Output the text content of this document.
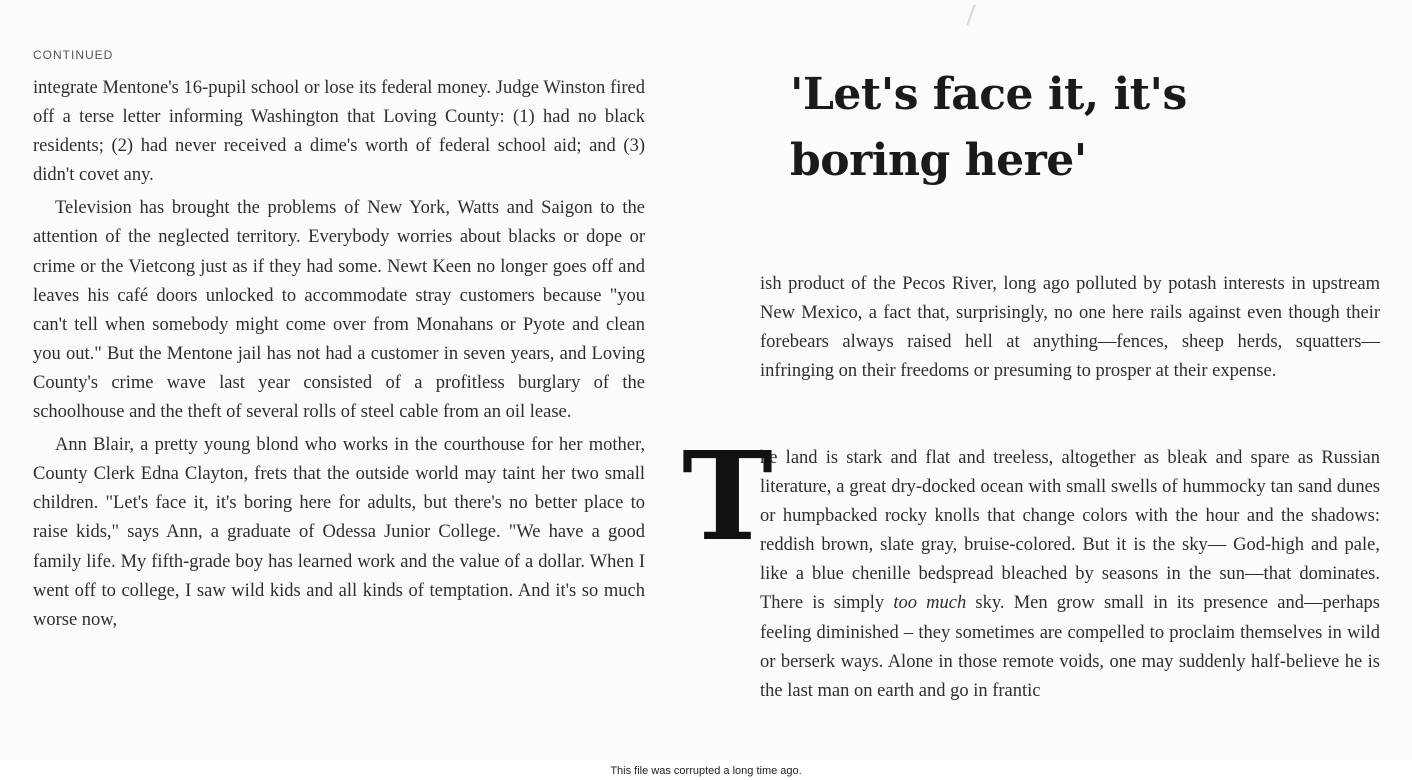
CONTINUED

integrate Mentone's 16-pupil school or lose its federal money. Judge Winston fired off a terse letter informing Washington that Loving County: (1) had no black residents; (2) had never received a dime's worth of federal school aid; and (3) didn't covet any.

Television has brought the problems of New York, Watts and Saigon to the attention of the neglected territory. Everybody worries about blacks or dope or crime or the Vietcong just as if they had some. Newt Keen no longer goes off and leaves his café doors unlocked to accommodate stray customers because "you can't tell when somebody might come over from Monahans or Pyote and clean you out." But the Mentone jail has not had a customer in seven years, and Loving County's crime wave last year consisted of a profitless burglary of the schoolhouse and the theft of several rolls of steel cable from an oil lease.

Ann Blair, a pretty young blond who works in the courthouse for her mother, County Clerk Edna Clayton, frets that the outside world may taint her two small children. "Let's face it, it's boring here for adults, but there's no better place to raise kids," says Ann, a graduate of Odessa Junior College. "We have a good family life. My fifth-grade boy has learned work and the value of a dollar. When I went off to college, I saw wild kids and all kinds of temptation. And it's so much worse now,

'Let's face it, it's
boring here'

ish product of the Pecos River, long ago polluted by potash interests in upstream New Mexico, a fact that, surprisingly, no one here rails against even though their forebears always raised hell at anything—fences, sheep herds, squatters—infringing on their freedoms or presuming to prosper at their expense.

T

he land is stark and flat and treeless, altogether as bleak and spare as Russian literature, a great dry-docked ocean with small swells of hummocky tan sand dunes or humpbacked rocky knolls that change colors with the hour and the shadows: reddish brown, slate gray, bruise-colored. But it is the sky— God-high and pale, like a blue chenille bedspread bleached by seasons in the sun—that dominates. There is simply too much sky. Men grow small in its presence and—perhaps feeling diminished – they sometimes are compelled to proclaim themselves in wild or berserk ways. Alone in those remote voids, one may suddenly half-believe he is the last man on earth and go in frantic

This file was corrupted a long time ago.
